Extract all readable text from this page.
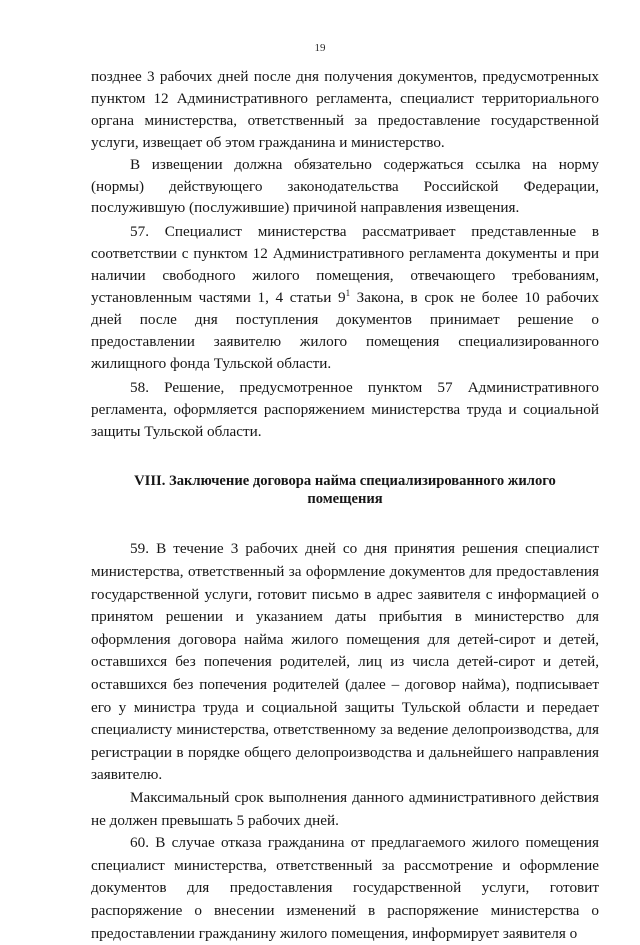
19

позднее 3 рабочих дней после дня получения документов, предусмотренных пунктом 12 Административного регламента, специалист территориального органа министерства, ответственный за предоставление государственной услуги, извещает об этом гражданина и министерство.

В извещении должна обязательно содержаться ссылка на норму (нормы) действующего законодательства Российской Федерации, послужившую (послужившие) причиной направления извещения.

57. Специалист министерства рассматривает представленные в соответствии с пунктом 12 Административного регламента документы и при наличии свободного жилого помещения, отвечающего требованиям, установленным частями 1, 4 статьи $9^1$ Закона, в срок не более 10 рабочих дней после дня поступления документов принимает решение о предоставлении заявителю жилого помещения специализированного жилищного фонда Тульской области.

58. Решение, предусмотренное пунктом 57 Административного регламента, оформляется распоряжением министерства труда и социальной защиты Тульской области.

VIII. Заключение договора найма специализированного жилого помещения

59. В течение 3 рабочих дней со дня принятия решения специалист министерства, ответственный за оформление документов для предоставления государственной услуги, готовит письмо в адрес заявителя с информацией о принятом решении и указанием даты прибытия в министерство для оформления договора найма жилого помещения для детей-сирот и детей, оставшихся без попечения родителей, лиц из числа детей-сирот и детей, оставшихся без попечения родителей (далее – договор найма), подписывает его у министра труда и социальной защиты Тульской области и передает специалисту министерства, ответственному за ведение делопроизводства, для регистрации в порядке общего делопроизводства и дальнейшего направления заявителю.

Максимальный срок выполнения данного административного действия не должен превышать 5 рабочих дней.

60. В случае отказа гражданина от предлагаемого жилого помещения специалист министерства, ответственный за рассмотрение и оформление документов для предоставления государственной услуги, готовит распоряжение о внесении изменений в распоряжение министерства о предоставлении гражданину жилого помещения, информирует заявителя о
